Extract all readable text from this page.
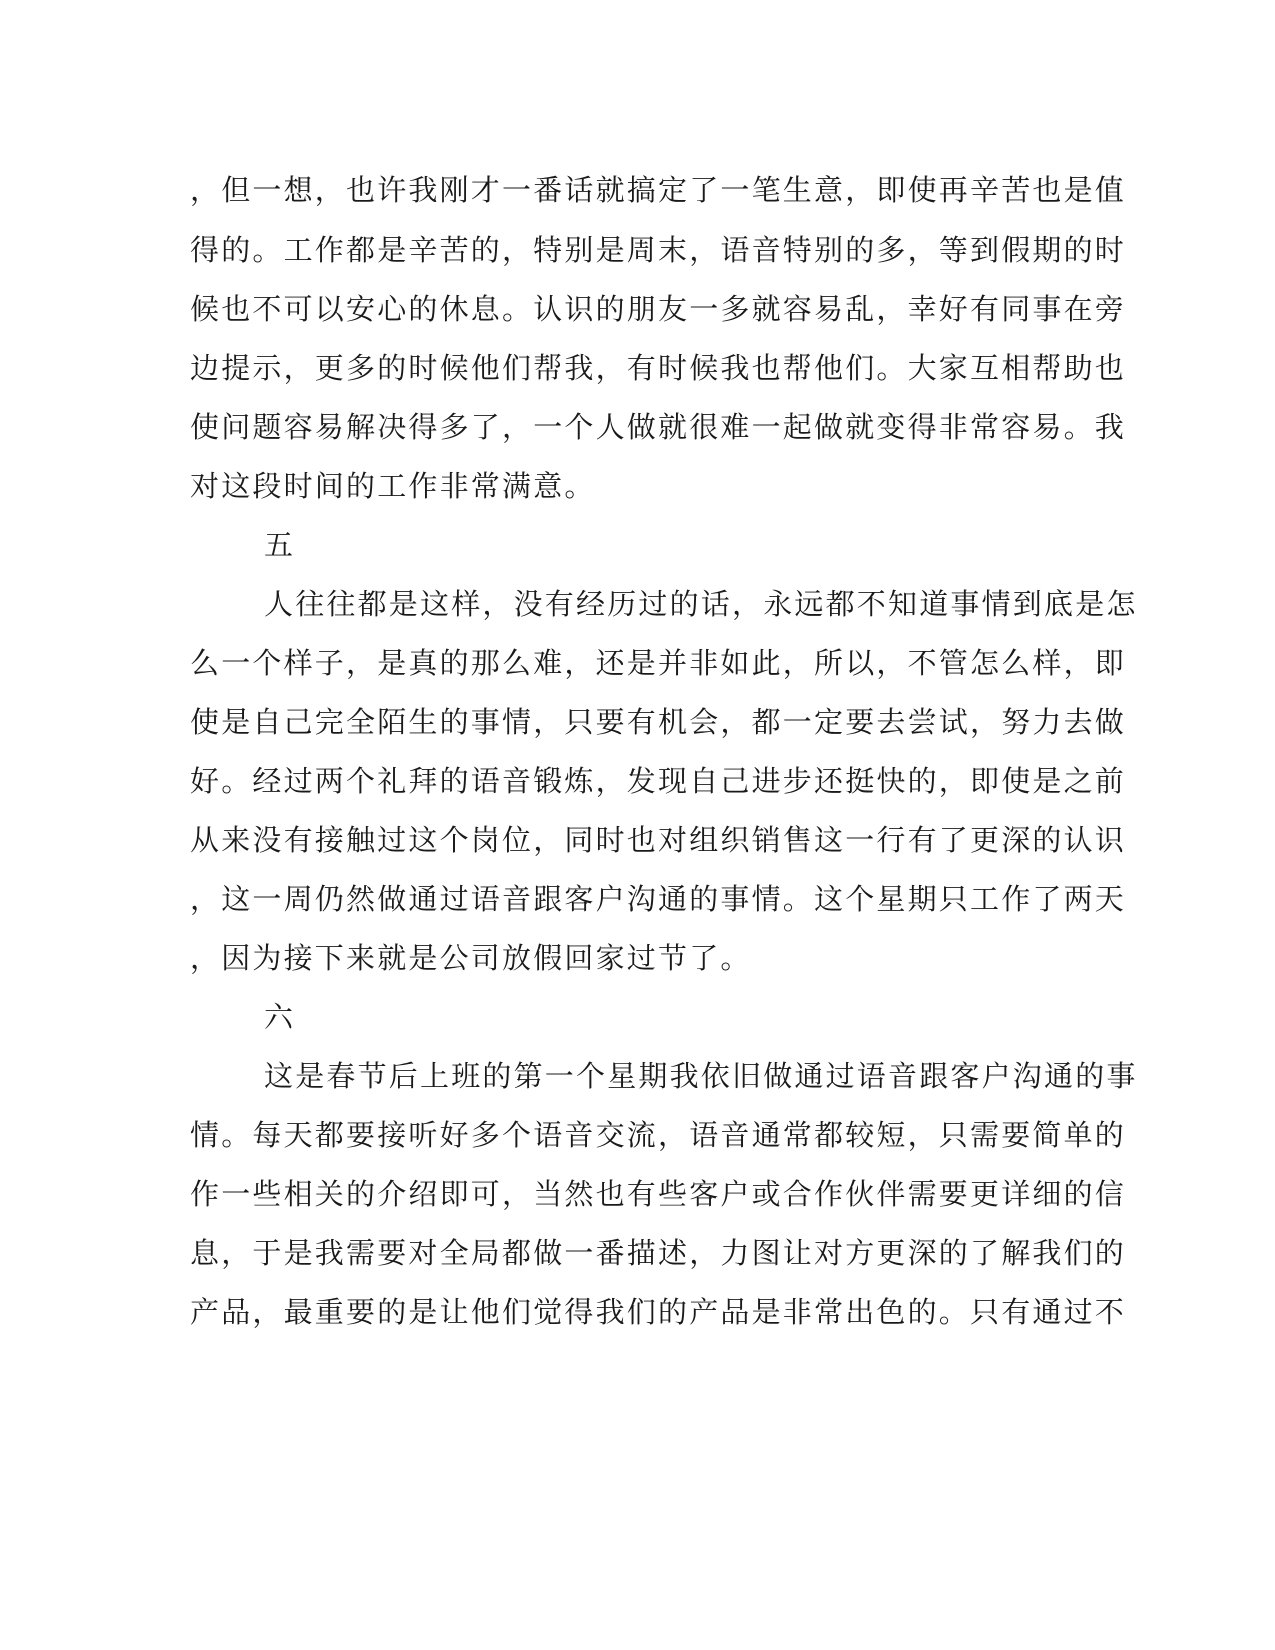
，但一想，也许我刚才一番话就搞定了一笔生意，即使再辛苦也是值
得的。工作都是辛苦的，特别是周末，语音特别的多，等到假期的时
候也不可以安心的休息。认识的朋友一多就容易乱，幸好有同事在旁
边提示，更多的时候他们帮我，有时候我也帮他们。大家互相帮助也
使问题容易解决得多了，一个人做就很难一起做就变得非常容易。我
对这段时间的工作非常满意。
五
人往往都是这样，没有经历过的话，永远都不知道事情到底是怎
么一个样子，是真的那么难，还是并非如此，所以，不管怎么样，即
使是自己完全陌生的事情，只要有机会，都一定要去尝试，努力去做
好。经过两个礼拜的语音锻炼，发现自己进步还挺快的，即使是之前
从来没有接触过这个岗位，同时也对组织销售这一行有了更深的认识
，这一周仍然做通过语音跟客户沟通的事情。这个星期只工作了两天
，因为接下来就是公司放假回家过节了。
六
这是春节后上班的第一个星期我依旧做通过语音跟客户沟通的事
情。每天都要接听好多个语音交流，语音通常都较短，只需要简单的
作一些相关的介绍即可，当然也有些客户或合作伙伴需要更详细的信
息，于是我需要对全局都做一番描述，力图让对方更深的了解我们的
产品，最重要的是让他们觉得我们的产品是非常出色的。只有通过不
